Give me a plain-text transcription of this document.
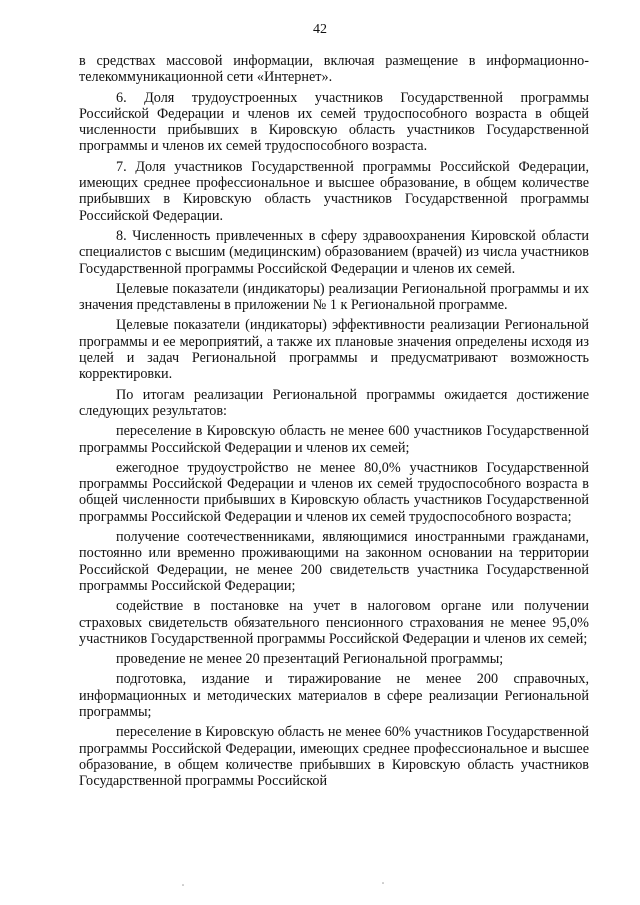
42

в средствах массовой информации, включая размещение в информационно-телекоммуникационной сети «Интернет».

6. Доля трудоустроенных участников Государственной программы Российской Федерации и членов их семей трудоспособного возраста в общей численности прибывших в Кировскую область участников Государственной программы и членов их семей трудоспособного возраста.

7. Доля участников Государственной программы Российской Федерации, имеющих среднее профессиональное и высшее образование, в общем количестве прибывших в Кировскую область участников Государственной программы Российской Федерации.

8. Численность привлеченных в сферу здравоохранения Кировской области специалистов с высшим (медицинским) образованием (врачей) из числа участников Государственной программы Российской Федерации и членов их семей.

Целевые показатели (индикаторы) реализации Региональной программы и их значения представлены в приложении № 1 к Региональной программе.

Целевые показатели (индикаторы) эффективности реализации Региональной программы и ее мероприятий, а также их плановые значения определены исходя из целей и задач Региональной программы и предусматривают возможность корректировки.

По итогам реализации Региональной программы ожидается достижение следующих результатов:

переселение в Кировскую область не менее 600 участников Государственной программы Российской Федерации и членов их семей;

ежегодное трудоустройство не менее 80,0% участников Государственной программы Российской Федерации и членов их семей трудоспособного возраста в общей численности прибывших в Кировскую область участников Государственной программы Российской Федерации и членов их семей трудоспособного возраста;

получение соотечественниками, являющимися иностранными гражданами, постоянно или временно проживающими на законном основании на территории Российской Федерации, не менее 200 свидетельств участника Государственной программы Российской Федерации;

содействие в постановке на учет в налоговом органе или получении страховых свидетельств обязательного пенсионного страхования не менее 95,0% участников Государственной программы Российской Федерации и членов их семей;

проведение не менее 20 презентаций Региональной программы;

подготовка, издание и тиражирование не менее 200 справочных, информационных и методических материалов в сфере реализации Региональной программы;

переселение в Кировскую область не менее 60% участников Государственной программы Российской Федерации, имеющих среднее профессиональное и высшее образование, в общем количестве прибывших в Кировскую область участников Государственной программы Российской
